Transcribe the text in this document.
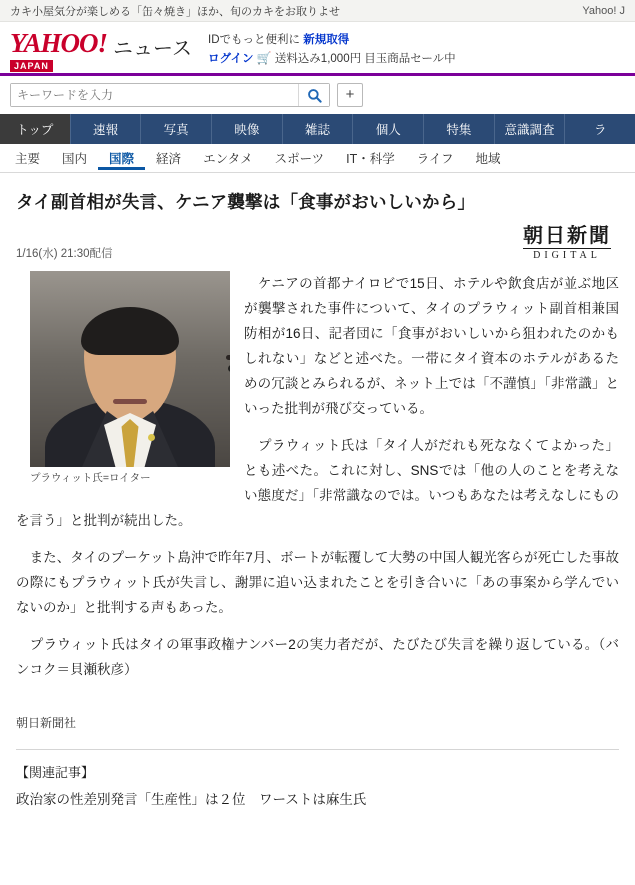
カキ小屋気分が楽しめる「缶々焼き」ほか、旬のカキをお取りよせ	Yahoo! J
YAHOO!
JAPAN
ニュース IDでもっと便利に 新規取得
ログイン 🛒 送料込み1,000円 目玉商品セール中
キーワードを入力
+
トップ	速報	写真	映像	雑誌	個人	特集	意識調査	ラ
主要	国内	国際	経済	エンタメ	スポーツ	IT・科学	ライフ	地域
タイ副首相が失言、ケニア襲撃は「食事がおいしいから」
1/16(水) 21:30配信
朝日新聞
DIGITAL
プラウィット氏=ロイター

　ケニアの首都ナイロビで15日、ホテルや飲食店が並ぶ地区が襲撃された事件について、タイのプラウィット副首相兼国防相が16日、記者団に「食事がおいしいから狙われたのかもしれない」などと述べた。一帯にタイ資本のホテルがあるための冗談とみられるが、ネット上では「不謹慎」「非常識」といった批判が飛び交っている。

　プラウィット氏は「タイ人がだれも死ななくてよかった」とも述べた。これに対し、SNSでは「他の人のことを考えない態度だ」「非常識なのでは。いつもあなたは考えなしにものを言う」と批判が続出した。

　また、タイのプーケット島沖で昨年7月、ボートが転覆して大勢の中国人観光客らが死亡した事故の際にもプラウィット氏が失言し、謝罪に追い込まれたことを引き合いに「あの事案から学んでいないのか」と批判する声もあった。

　プラウィット氏はタイの軍事政権ナンバー2の実力者だが、たびたび失言を繰り返している。（バンコク＝貝瀬秋彦）

朝日新聞社
【関連記事】
政治家の性差別発言「生産性」は２位　ワーストは麻生氏
